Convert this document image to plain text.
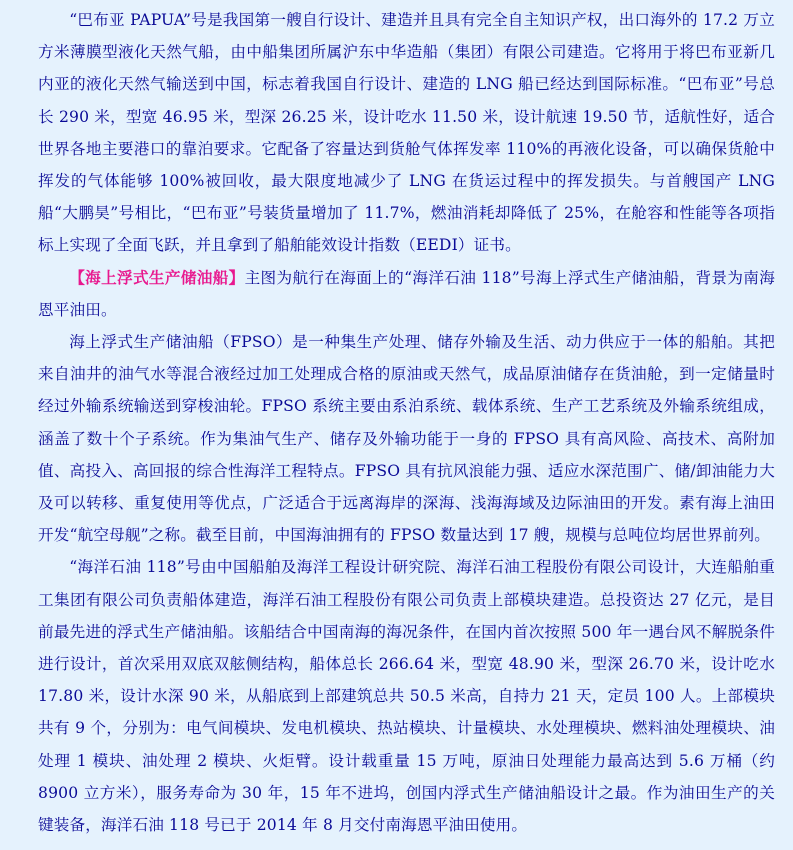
“巴布亚 PAPUA”号是我国第一艘自行设计、建造并且具有完全自主知识产权，出口海外的 17.2 万立方米薄膜型液化天然气船，由中船集团所属沪东中华造船（集团）有限公司建造。它将用于将巴布亚新几内亚的液化天然气输送到中国，标志着我国自行设计、建造的 LNG 船已经达到国际标准。“巴布亚”号总长 290 米，型宽 46.95 米，型深 26.25 米，设计吃水 11.50 米，设计航速 19.50 节，适航性好，适合世界各地主要港口的靠泊要求。它配备了容量达到货舱气体挥发率 110%的再液化设备，可以确保货舱中挥发的气体能够 100%被回收，最大限度地减少了 LNG 在货运过程中的挥发损失。与首艘国产 LNG 船“大鹏昊”号相比，“巴布亚”号装货量增加了 11.7%，燃油消耗却降低了 25%，在舱容和性能等各项指标上实现了全面飞跃，并且拿到了船舶能效设计指数（EEDI）证书。

【海上浮式生产储油船】主图为航行在海面上的“海洋石油 118”号海上浮式生产储油船，背景为南海恩平油田。

海上浮式生产储油船（FPSO）是一种集生产处理、储存外输及生活、动力供应于一体的船舶。其把来自油井的油气水等混合液经过加工处理成合格的原油或天然气，成品原油储存在货油舱，到一定储量时经过外输系统输送到穿梭油轮。FPSO 系统主要由系泊系统、载体系统、生产工艺系统及外输系统组成，涵盖了数十个子系统。作为集油气生产、储存及外输功能于一身的 FPSO 具有高风险、高技术、高附加值、高投入、高回报的综合性海洋工程特点。FPSO 具有抗风浪能力强、适应水深范围广、储/卸油能力大及可以转移、重复使用等优点，广泛适合于远离海岸的深海、浅海海域及边际油田的开发。素有海上油田开发“航空母舰”之称。截至目前，中国海油拥有的 FPSO 数量达到 17 艘，规模与总吨位均居世界前列。

“海洋石油 118”号由中国船舶及海洋工程设计研究院、海洋石油工程股份有限公司设计，大连船舶重工集团有限公司负责船体建造，海洋石油工程股份有限公司负责上部模块建造。总投资达 27 亿元，是目前最先进的浮式生产储油船。该船结合中国南海的海况条件，在国内首次按照 500 年一遇台风不解脱条件进行设计，首次采用双底双舷侧结构，船体总长 266.64 米，型宽 48.90 米，型深 26.70 米，设计吃水 17.80 米，设计水深 90 米，从船底到上部建筑总共 50.5 米高，自持力 21 天，定员 100 人。上部模块共有 9 个，分别为：电气间模块、发电机模块、热站模块、计量模块、水处理模块、燃料油处理模块、油处理 1 模块、油处理 2 模块、火炬臂。设计载重量 15 万吨，原油日处理能力最高达到 5.6 万桶（约 8900 立方米），服务寿命为 30 年，15 年不进坞，创国内浮式生产储油船设计之最。作为油田生产的关键装备，海洋石油 118 号已于 2014 年 8 月交付南海恩平油田使用。
